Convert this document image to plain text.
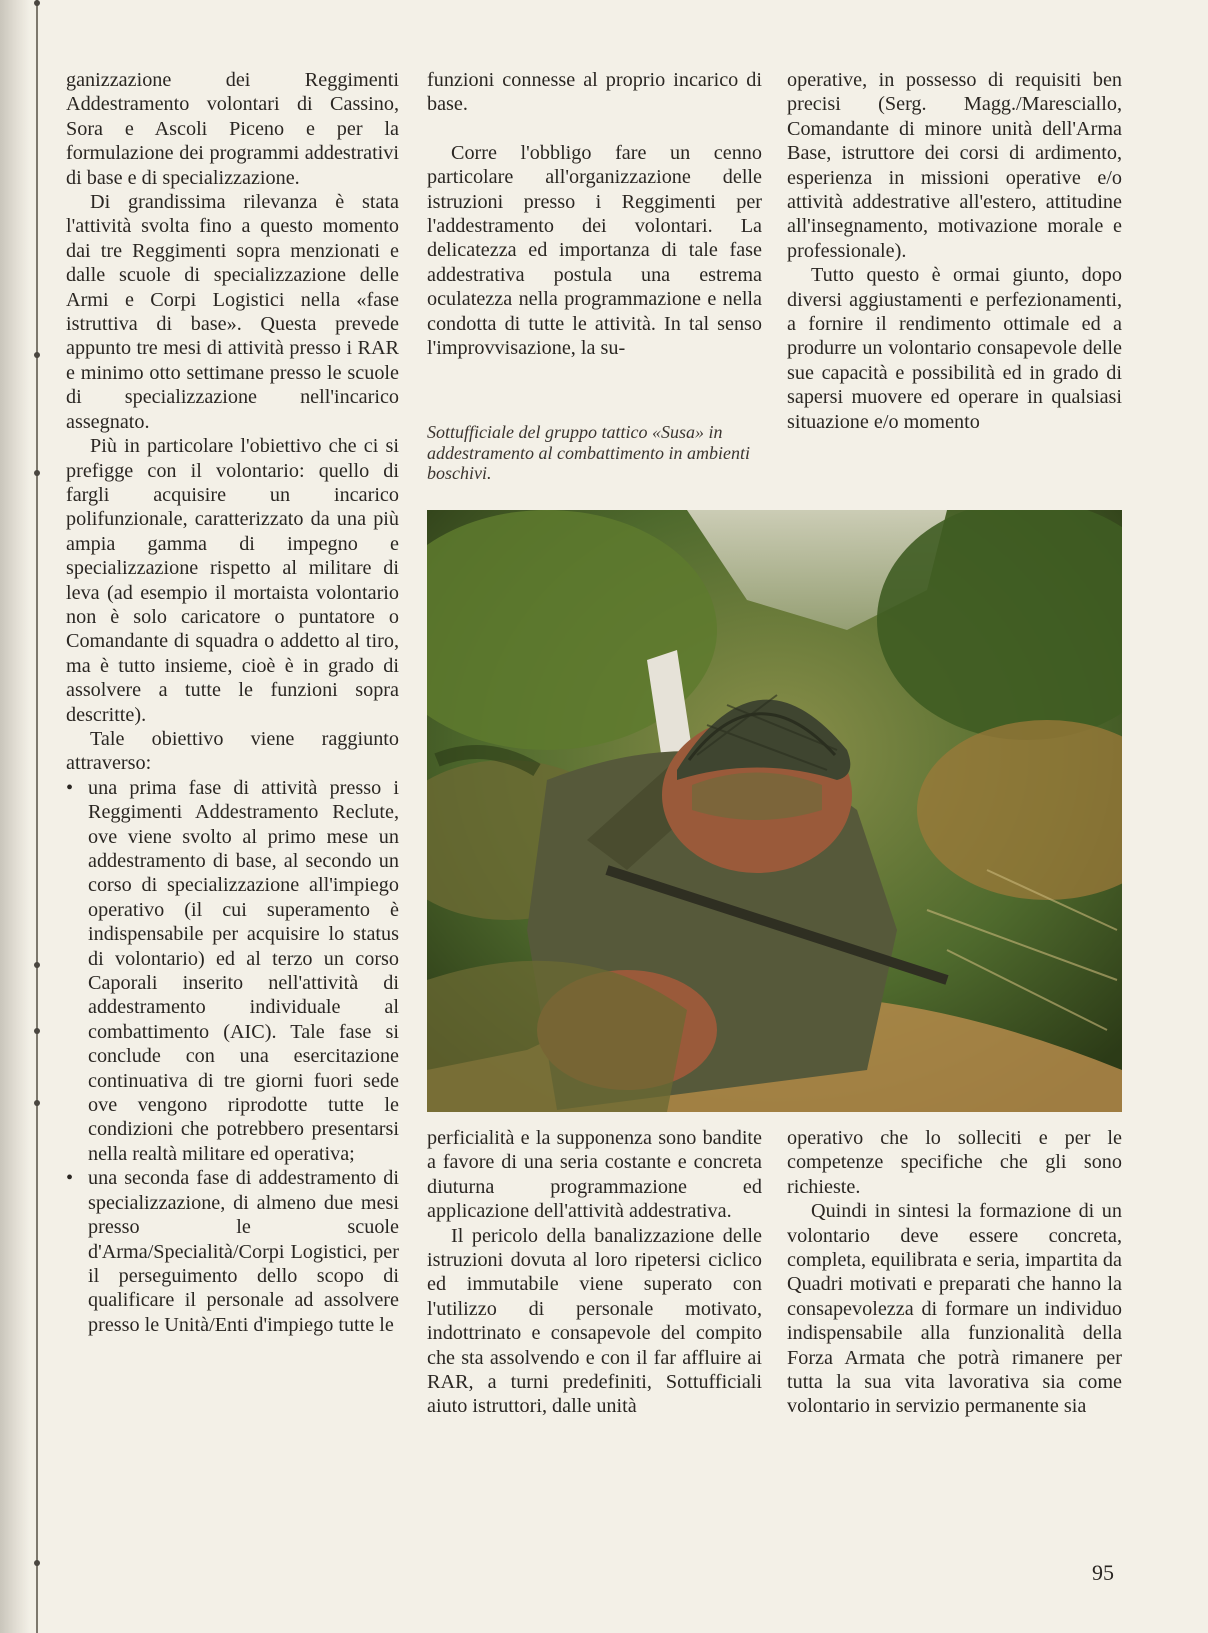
ganizzazione dei Reggimenti Addestramento volontari di Cassino, Sora e Ascoli Piceno e per la formulazione dei programmi addestrativi di base e di specializzazione.

Di grandissima rilevanza è stata l'attività svolta fino a questo momento dai tre Reggimenti sopra menzionati e dalle scuole di specializzazione delle Armi e Corpi Logistici nella «fase istruttiva di base». Questa prevede appunto tre mesi di attività presso i RAR e minimo otto settimane presso le scuole di specializzazione nell'incarico assegnato.

Più in particolare l'obiettivo che ci si prefigge con il volontario: quello di fargli acquisire un incarico polifunzionale, caratterizzato da una più ampia gamma di impegno e specializzazione rispetto al militare di leva (ad esempio il mortaista volontario non è solo caricatore o puntatore o Comandante di squadra o addetto al tiro, ma è tutto insieme, cioè è in grado di assolvere a tutte le funzioni sopra descritte).

Tale obiettivo viene raggiunto attraverso:

• una prima fase di attività presso i Reggimenti Addestramento Reclute, ove viene svolto al primo mese un addestramento di base, al secondo un corso di specializzazione all'impiego operativo (il cui superamento è indispensabile per acquisire lo status di volontario) ed al terzo un corso Caporali inserito nell'attività di addestramento individuale al combattimento (AIC). Tale fase si conclude con una esercitazione continuativa di tre giorni fuori sede ove vengono riprodotte tutte le condizioni che potrebbero presentarsi nella realtà militare ed operativa;

• una seconda fase di addestramento di specializzazione, di almeno due mesi presso le scuole d'Arma/Specialità/Corpi Logistici, per il perseguimento dello scopo di qualificare il personale ad assolvere presso le Unità/Enti d'impiego tutte le

funzioni connesse al proprio incarico di base.

Corre l'obbligo fare un cenno particolare all'organizzazione delle istruzioni presso i Reggimenti per l'addestramento dei volontari. La delicatezza ed importanza di tale fase addestrativa postula una estrema oculatezza nella programmazione e nella condotta di tutte le attività. In tal senso l'improvvisazione, la su-

Sottufficiale del gruppo tattico «Susa» in addestramento al combattimento in ambienti boschivi.

operative, in possesso di requisiti ben precisi (Serg. Magg./Maresciallo, Comandante di minore unità dell'Arma Base, istruttore dei corsi di ardimento, esperienza in missioni operative e/o attività addestrative all'estero, attitudine all'insegnamento, motivazione morale e professionale).

Tutto questo è ormai giunto, dopo diversi aggiustamenti e perfezionamenti, a fornire il rendimento ottimale ed a produrre un volontario consapevole delle sue capacità e possibilità ed in grado di sapersi muovere ed operare in qualsiasi situazione e/o momento

perficialità e la supponenza sono bandite a favore di una seria costante e concreta diuturna programmazione ed applicazione dell'attività addestrativa.

Il pericolo della banalizzazione delle istruzioni dovuta al loro ripetersi ciclico ed immutabile viene superato con l'utilizzo di personale motivato, indottrinato e consapevole del compito che sta assolvendo e con il far affluire ai RAR, a turni predefiniti, Sottufficiali aiuto istruttori, dalle unità

operativo che lo solleciti e per le competenze specifiche che gli sono richieste.

Quindi in sintesi la formazione di un volontario deve essere concreta, completa, equilibrata e seria, impartita da Quadri motivati e preparati che hanno la consapevolezza di formare un individuo indispensabile alla funzionalità della Forza Armata che potrà rimanere per tutta la sua vita lavorativa sia come volontario in servizio permanente sia

95
